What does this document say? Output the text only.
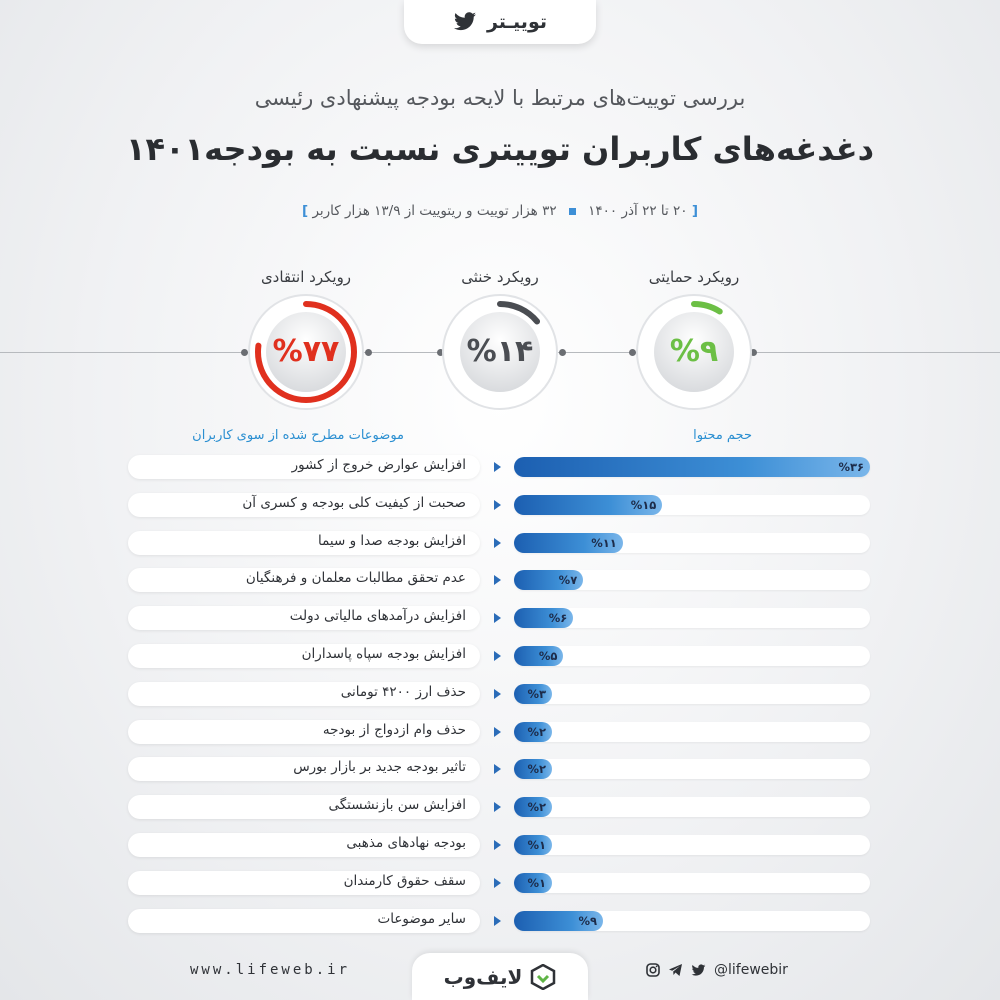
تو‌ییـتر
بررسی توییت‌های مرتبط با لایحه بودجه پیشنهادی رئیسی
دغدغه‌های کاربران توییتری نسبت به بودجه۱۴۰۱
[ ۲۰ تا ۲۲ آذر ۱۴۰۰  ۳۲ هزار توییت و ریتوییت از ۱۳/۹ هزار کاربر ]
رویکرد حمایتی
رویکرد خنثی
رویکرد انتقادی
%۹
%۱۴
%۷۷
موضوعات مطرح شده از سوی کاربران	حجم محتوا
افزایش عوارض خروج از کشور	%۳۶
صحبت از کیفیت کلی بودجه و کسری آن	%۱۵
افزایش بودجه صدا و سیما	%۱۱
عدم تحقق مطالبات معلمان و فرهنگیان	%۷
افزایش درآمدهای مالیاتی دولت	%۶
افزایش بودجه سپاه پاسداران	%۵
حذف ارز ۴۲۰۰ تومانی	%۳
حذف وام ازدواج از بودجه	%۲
تاثیر بودجه جدید بر بازار بورس	%۲
افزایش سن بازنشستگی	%۲
بودجه نهادهای مذهبی	%۱
سقف حقوق کارمندان	%۱
سایر موضوعات	%۹
www.lifeweb.ir	لایف‌وب	@lifewebir
